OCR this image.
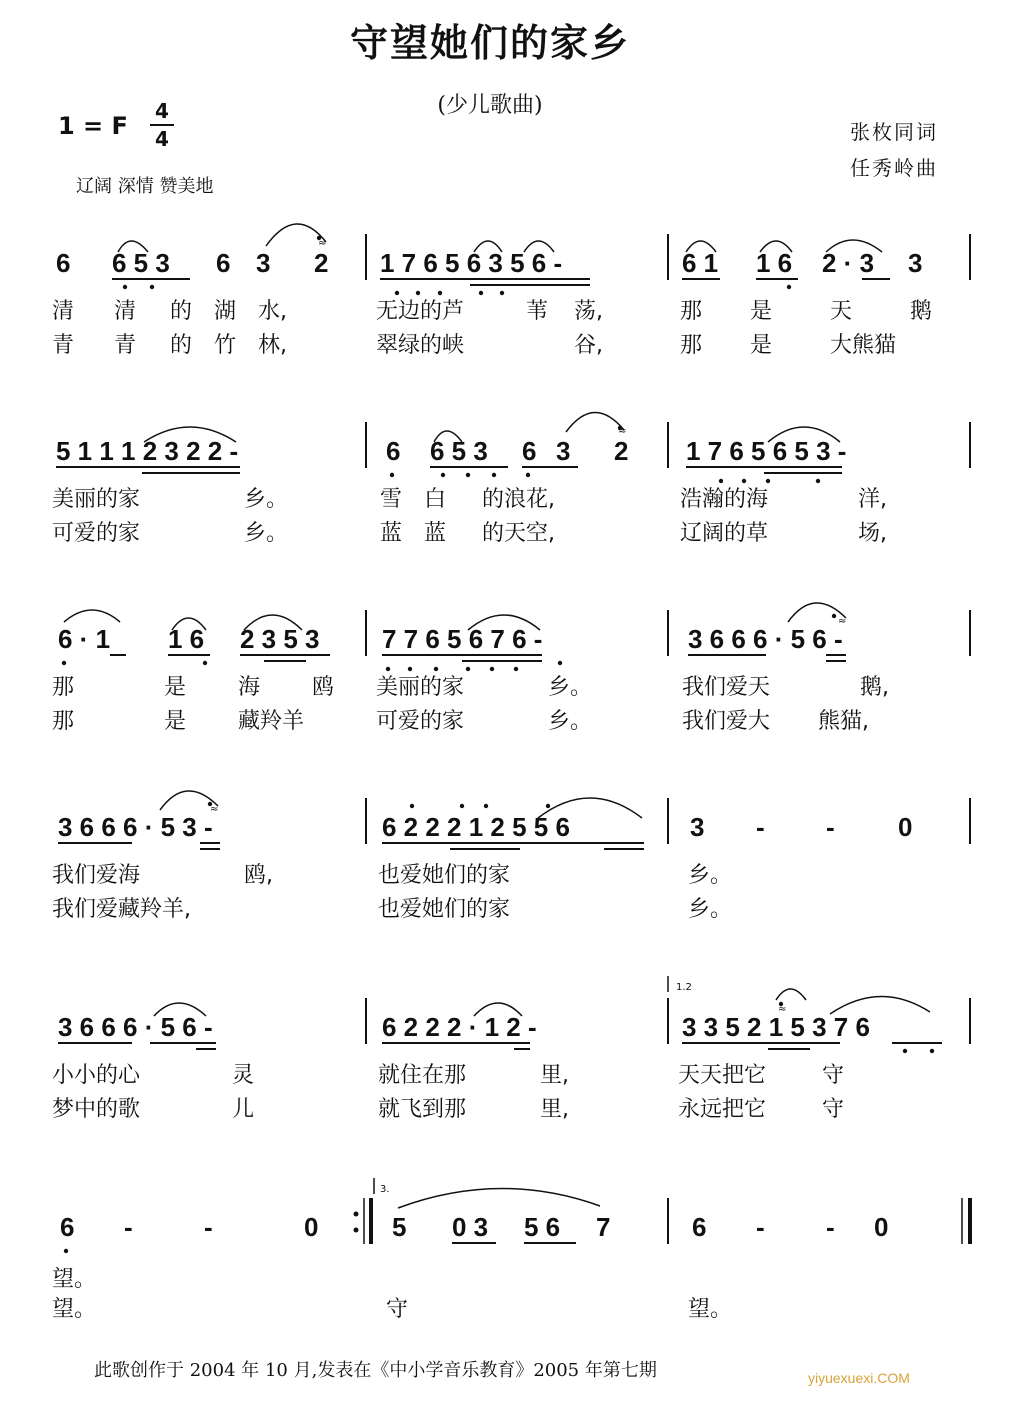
守望她们的家乡
(少儿歌曲)
1 = F
4
4
辽阔 深情 赞美地
张枚同词
任秀岭曲
6 6 5 3 6 3 2
≈
1 7 6 5 6 3 5 6 -	6 1 1 6 2 · 3 3
清 清 的 湖 水,	无边的芦	苇 荡,	那 是	天	鹅
青 青 的 竹 林,	翠绿的峡	谷,	那 是	大熊猫
5 1 1 1 2 3 2 2 -	6 6 5 3 6 3 2
≈
1 7 6 5 6 5 3 -
美丽的家	乡。	雪 白 的浪花,	浩瀚的海	洋,
可爱的家	乡。	蓝 蓝 的天空,	辽阔的草	场,
6 · 1 1 6 2 3 5 3 7 7 6 5 6 7 6 -	3 6 6 6 · 5 6 -
≈
那	是 海 鸥 美丽的家	乡。	我们爱天	鹅,
那	是 藏羚羊	可爱的家	乡。	我们爱大 熊猫,
3 6 6 6 · 5 3 -
≈
6 2 2 2 1 2 5 5 6	3 - - 0
我们爱海	鸥,	也爱她们的家	乡。
我们爱藏羚羊,	也爱她们的家	乡。
3 6 6 6 · 5 6 -	6 2 2 2 · 1 2 -
1.2
3 3 5 2 1 5 3 7 6
≈
小小的心	灵	就住在那	里,	天天把它	守
梦中的歌	儿	就飞到那	里,	永远把它	守
6 -	-	0
3.
5 0 3 5 6 7	6 - - 0
望。
望。	守	望。
此歌创作于 2004 年 10 月,发表在《中小学音乐教育》2005 年第七期	yiyuexuexi.COM
